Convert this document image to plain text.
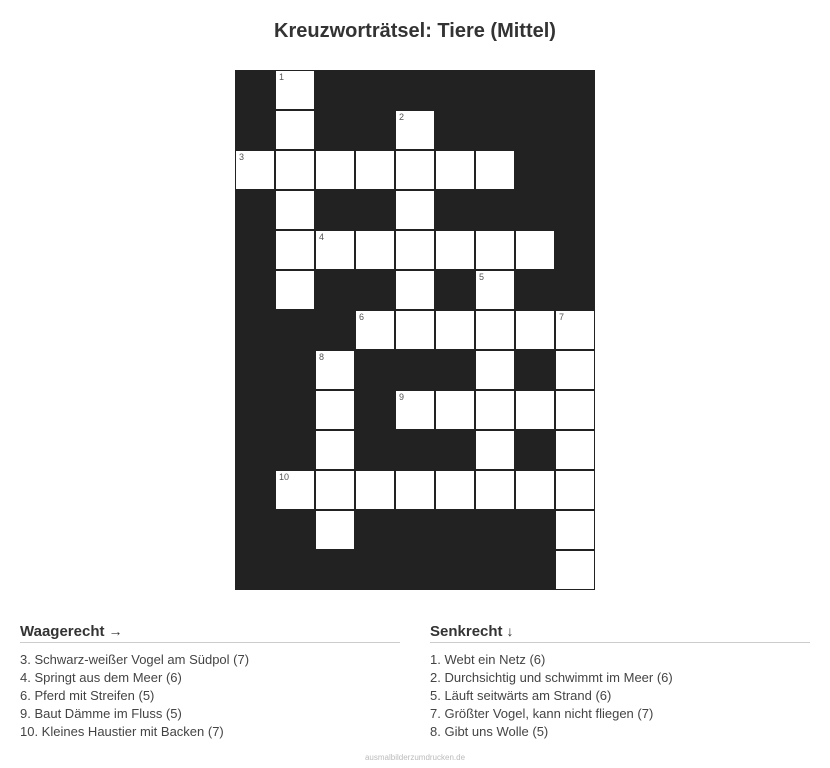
Kreuzworträtsel: Tiere (Mittel)
1
2
3
4
5
6	7
8
9
10
Waagerecht →
3. Schwarz-weißer Vogel am Südpol (7)
4. Springt aus dem Meer (6)
6. Pferd mit Streifen (5)
9. Baut Dämme im Fluss (5)
10. Kleines Haustier mit Backen (7)
Senkrecht ↓
1. Webt ein Netz (6)
2. Durchsichtig und schwimmt im Meer (6)
5. Läuft seitwärts am Strand (6)
7. Größter Vogel, kann nicht fliegen (7)
8. Gibt uns Wolle (5)
ausmalbilderzumdrucken.de
